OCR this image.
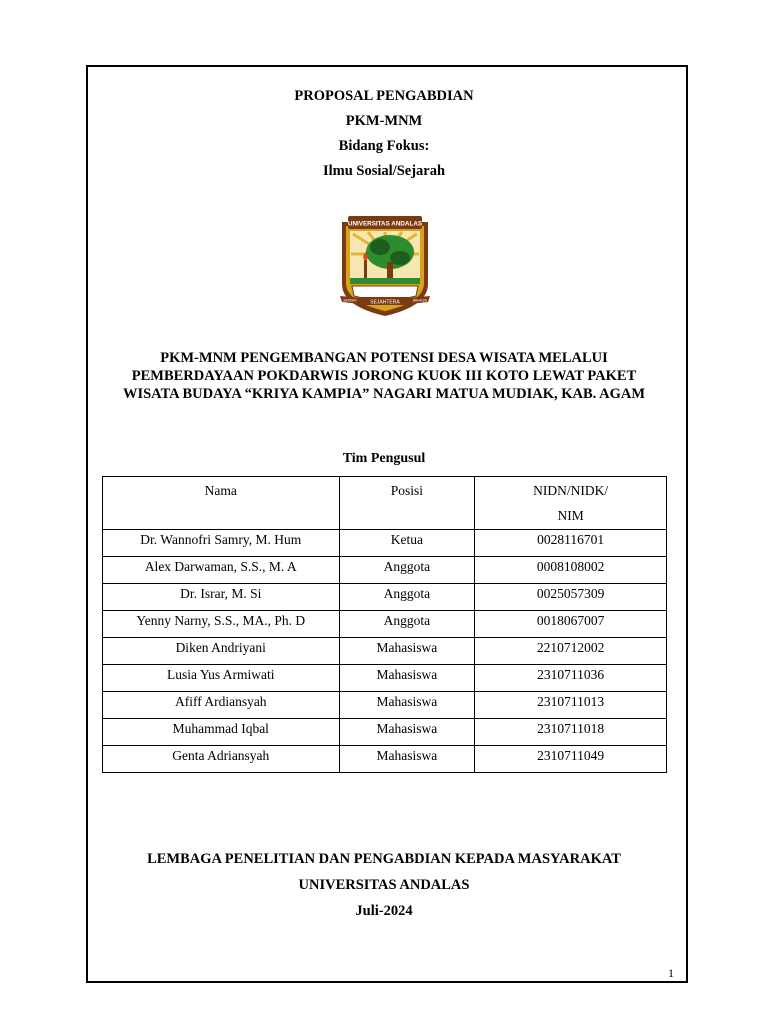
PROPOSAL PENGABDIAN
PKM-MNM
Bidang Fokus:
Ilmu Sosial/Sejarah
UNIVERSITAS ANDALAS
SEJAHTERA
BERDIRI	BAHAGIA
PKM-MNM PENGEMBANGAN POTENSI DESA WISATA MELALUI
PEMBERDAYAAN POKDARWIS JORONG KUOK III KOTO LEWAT PAKET
WISATA BUDAYA “KRIYA KAMPIA” NAGARI MATUA MUDIAK, KAB. AGAM
Tim Pengusul
Nama	Posisi	NIDN/NIDK/
NIM
Dr. Wannofri Samry, M. Hum	Ketua	0028116701
Alex Darwaman, S.S., M. A	Anggota	0008108002
Dr. Israr, M. Si	Anggota	0025057309
Yenny Narny, S.S., MA., Ph. D	Anggota	0018067007
Diken Andriyani	Mahasiswa	2210712002
Lusia Yus Armiwati	Mahasiswa	2310711036
Afiff Ardiansyah	Mahasiswa	2310711013
Muhammad Iqbal	Mahasiswa	2310711018
Genta Adriansyah	Mahasiswa	2310711049
LEMBAGA PENELITIAN DAN PENGABDIAN KEPADA MASYARAKAT
UNIVERSITAS ANDALAS
Juli-2024
1
